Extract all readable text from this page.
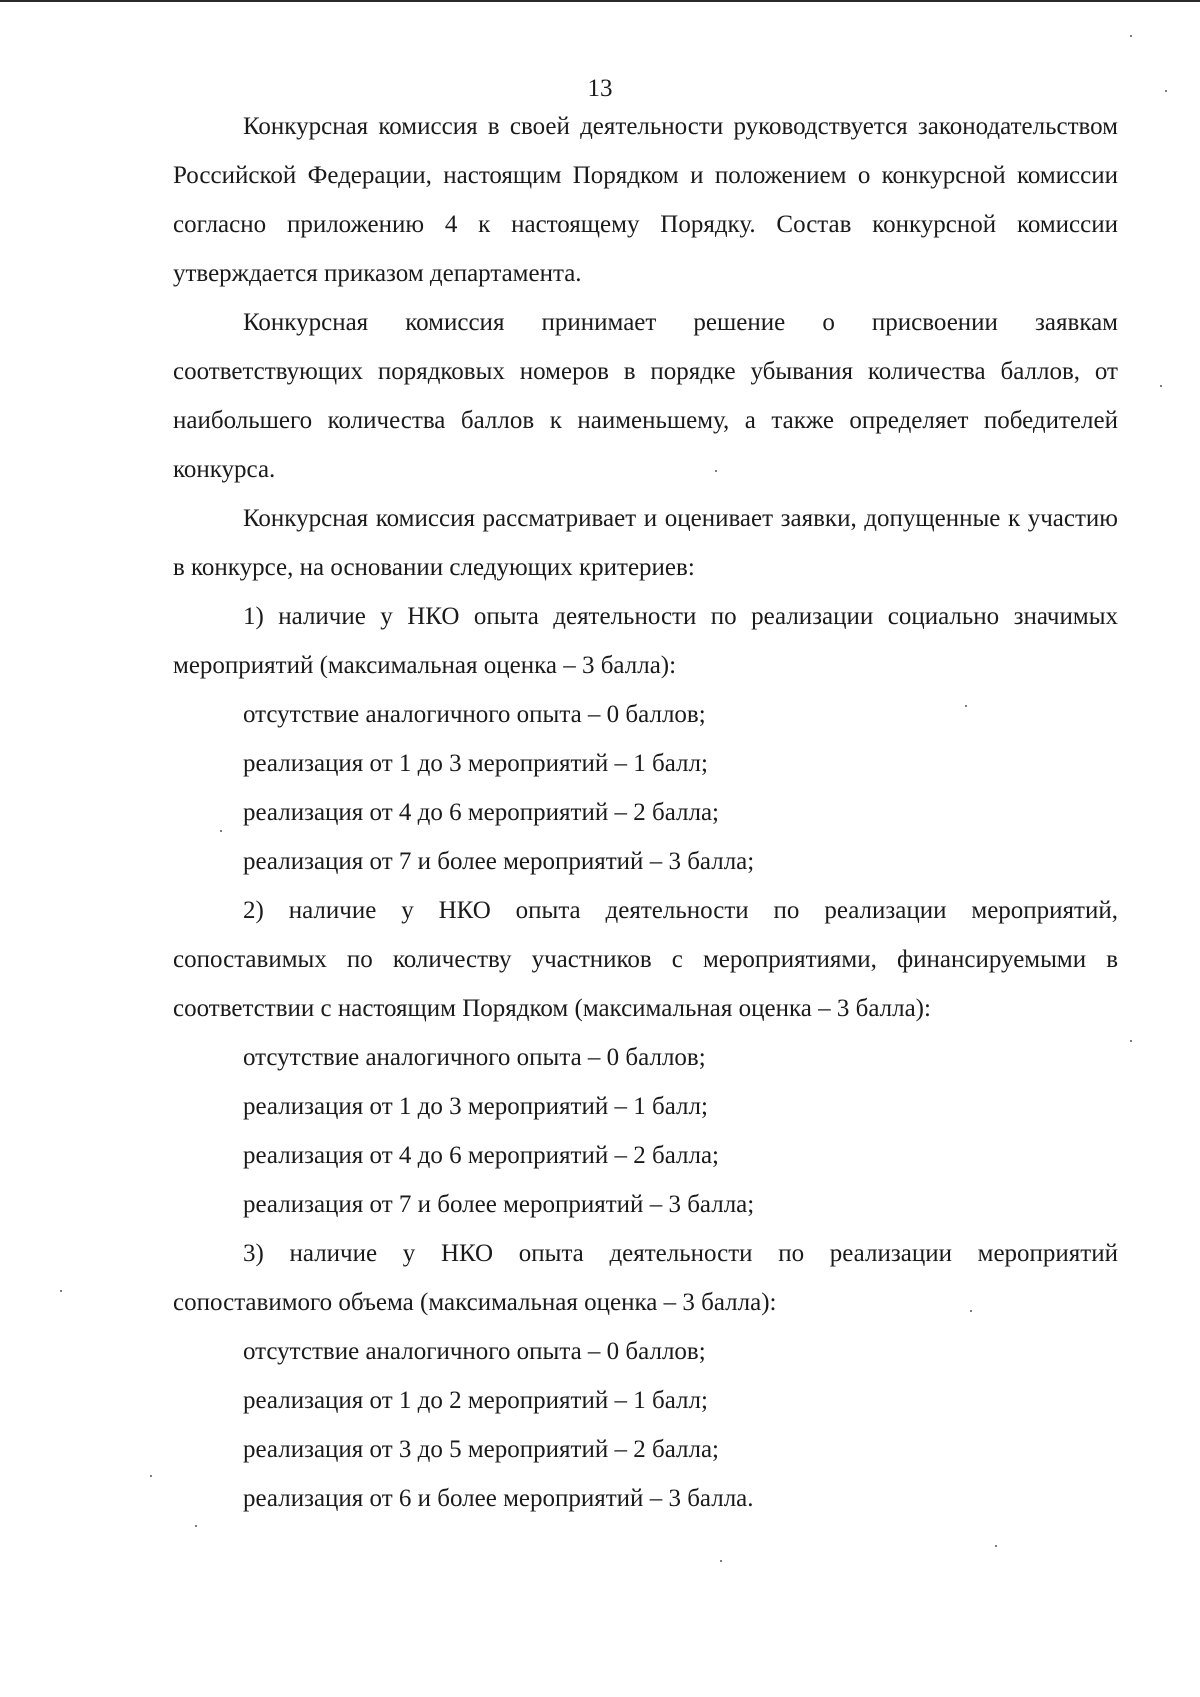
13

Конкурсная комиссия в своей деятельности руководствуется законодательством Российской Федерации, настоящим Порядком и положением о конкурсной комиссии согласно приложению 4 к настоящему Порядку. Состав конкурсной комиссии утверждается приказом департамента.

Конкурсная комиссия принимает решение о присвоении заявкам соответствующих порядковых номеров в порядке убывания количества баллов, от наибольшего количества баллов к наименьшему, а также определяет победителей конкурса.

Конкурсная комиссия рассматривает и оценивает заявки, допущенные к участию в конкурсе, на основании следующих критериев:

1) наличие у НКО опыта деятельности по реализации социально значимых мероприятий (максимальная оценка – 3 балла):

отсутствие аналогичного опыта – 0 баллов;

реализация от 1 до 3 мероприятий – 1 балл;

реализация от 4 до 6 мероприятий – 2 балла;

реализация от 7 и более мероприятий – 3 балла;

2) наличие у НКО опыта деятельности по реализации мероприятий, сопоставимых по количеству участников с мероприятиями, финансируемыми в соответствии с настоящим Порядком (максимальная оценка – 3 балла):

отсутствие аналогичного опыта – 0 баллов;

реализация от 1 до 3 мероприятий – 1 балл;

реализация от 4 до 6 мероприятий – 2 балла;

реализация от 7 и более мероприятий – 3 балла;

3) наличие у НКО опыта деятельности по реализации мероприятий сопоставимого объема (максимальная оценка – 3 балла):

отсутствие аналогичного опыта – 0 баллов;

реализация от 1 до 2 мероприятий – 1 балл;

реализация от 3 до 5 мероприятий – 2 балла;

реализация от 6 и более мероприятий – 3 балла.
